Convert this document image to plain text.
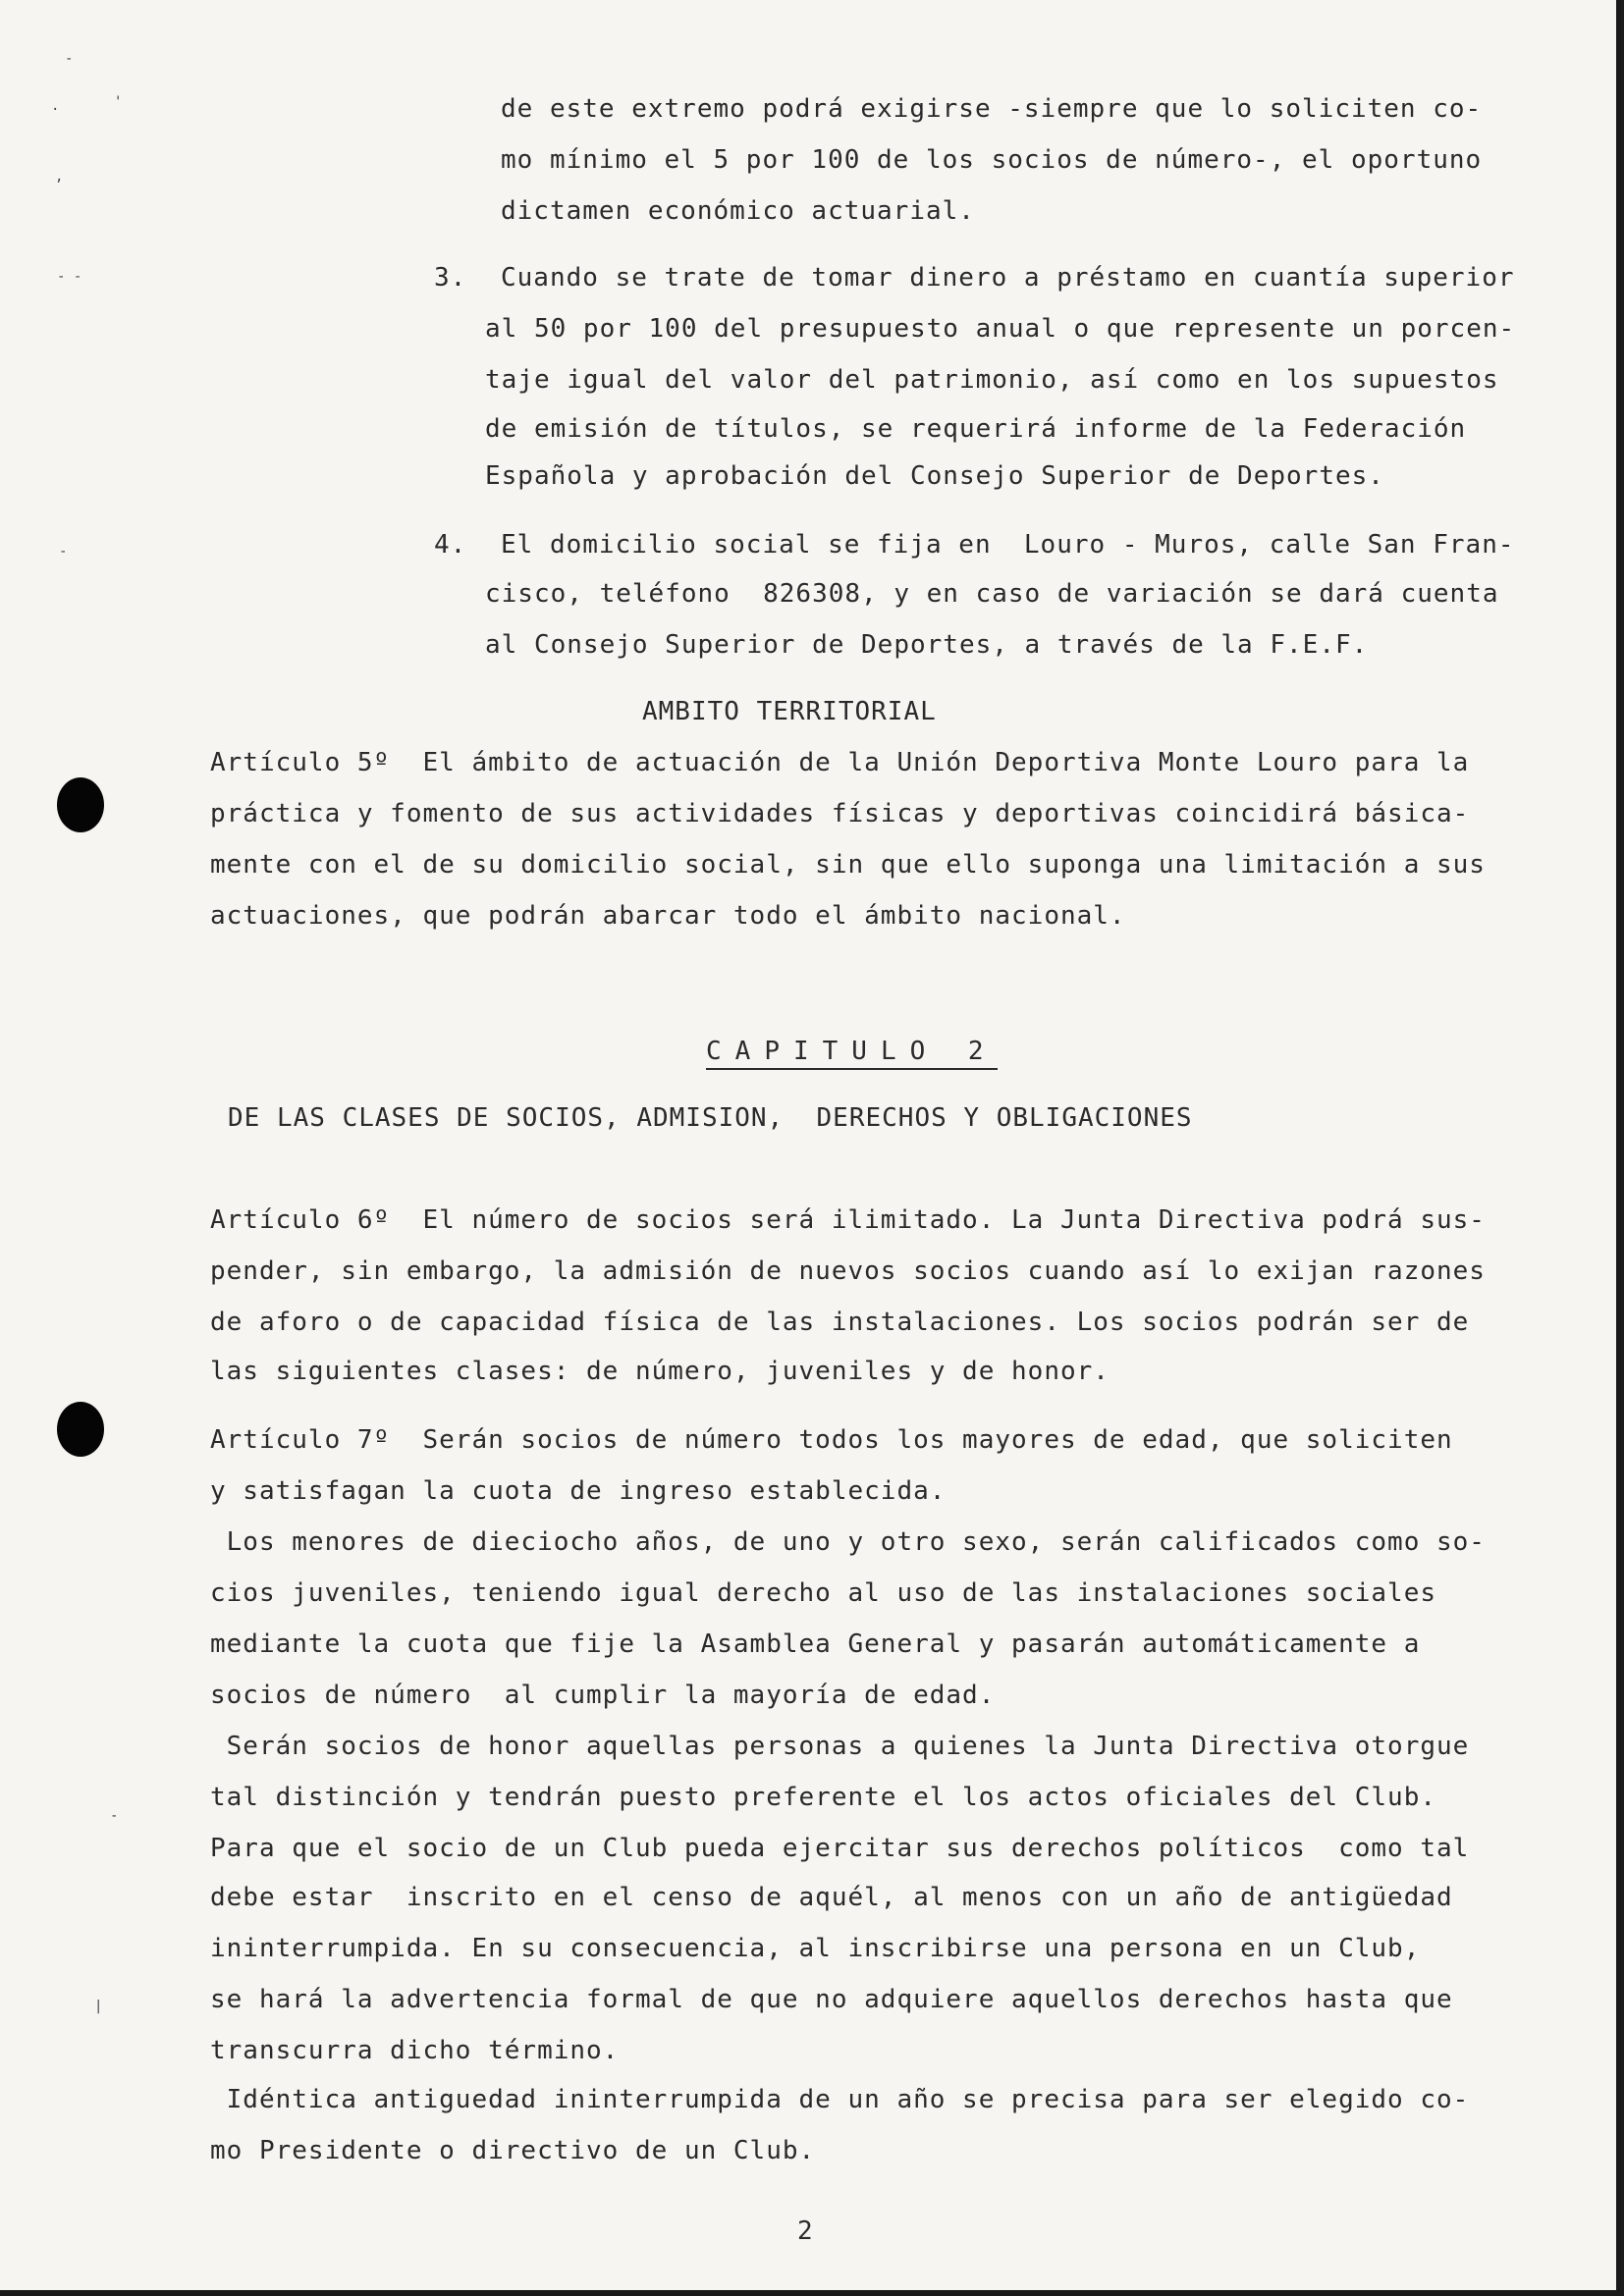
-
·	'
,
- -
-
-
|
de este extremo podrá exigirse -siempre que lo soliciten co-
mo mínimo el 5 por 100 de los socios de número-, el oportuno
dictamen económico actuarial.
3. Cuando se trate de tomar dinero a préstamo en cuantía superior
al 50 por 100 del presupuesto anual o que represente un porcen-
taje igual del valor del patrimonio, así como en los supuestos
de emisión de títulos, se requerirá informe de la Federación
Española y aprobación del Consejo Superior de Deportes.
4. El domicilio social se fija en  Louro - Muros, calle San Fran-
cisco, teléfono  826308, y en caso de variación se dará cuenta
al Consejo Superior de Deportes, a través de la F.E.F.
AMBITO TERRITORIAL
Artículo 5º  El ámbito de actuación de la Unión Deportiva Monte Louro para la
práctica y fomento de sus actividades físicas y deportivas coincidirá básica-
mente con el de su domicilio social, sin que ello suponga una limitación a sus
actuaciones, que podrán abarcar todo el ámbito nacional.

CAPITULO 2

DE LAS CLASES DE SOCIOS, ADMISION,  DERECHOS Y OBLIGACIONES
Artículo 6º  El número de socios será ilimitado. La Junta Directiva podrá sus-
pender, sin embargo, la admisión de nuevos socios cuando así lo exijan razones
de aforo o de capacidad física de las instalaciones. Los socios podrán ser de
las siguientes clases: de número, juveniles y de honor.
Artículo 7º  Serán socios de número todos los mayores de edad, que soliciten
y satisfagan la cuota de ingreso establecida.
Los menores de dieciocho años, de uno y otro sexo, serán calificados como so-
cios juveniles, teniendo igual derecho al uso de las instalaciones sociales
mediante la cuota que fije la Asamblea General y pasarán automáticamente a
socios de número  al cumplir la mayoría de edad.
Serán socios de honor aquellas personas a quienes la Junta Directiva otorgue
tal distinción y tendrán puesto preferente el los actos oficiales del Club.
Para que el socio de un Club pueda ejercitar sus derechos políticos  como tal
debe estar  inscrito en el censo de aquél, al menos con un año de antigüedad
ininterrumpida. En su consecuencia, al inscribirse una persona en un Club,
se hará la advertencia formal de que no adquiere aquellos derechos hasta que
transcurra dicho término.
Idéntica antiguedad ininterrumpida de un año se precisa para ser elegido co-
mo Presidente o directivo de un Club.
2
